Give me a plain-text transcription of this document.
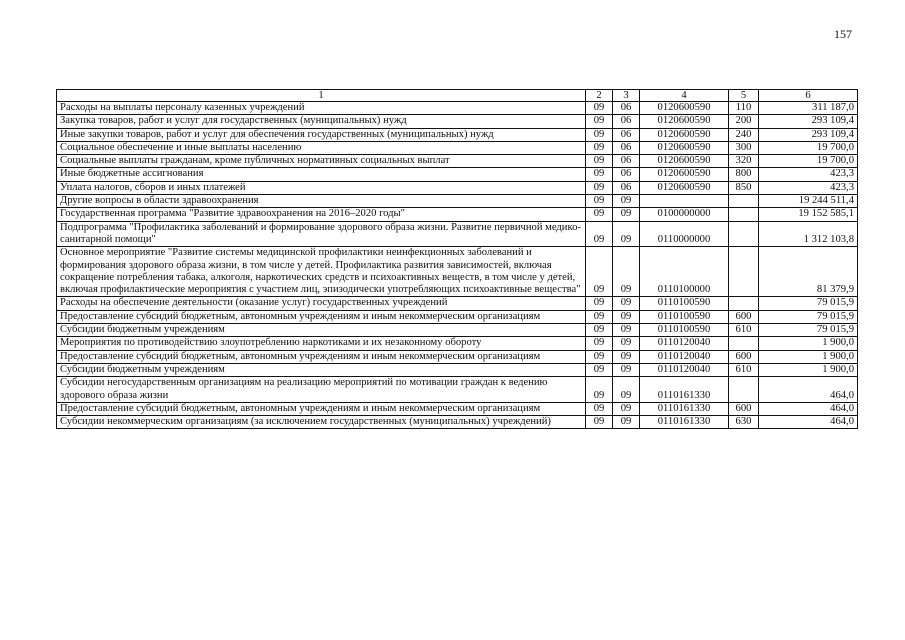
157
1	2	3	4	5	6
Расходы на выплаты персоналу казенных учреждений	09	06	0120600590	110	311 187,0
Закупка товаров, работ и услуг для государственных (муниципальных) нужд	09	06	0120600590	200	293 109,4
Иные закупки товаров, работ и услуг для обеспечения государственных (муниципальных) нужд	09	06	0120600590	240	293 109,4
Социальное обеспечение и иные выплаты населению	09	06	0120600590	300	19 700,0
Социальные выплаты гражданам, кроме публичных нормативных социальных выплат	09	06	0120600590	320	19 700,0
Иные бюджетные ассигнования	09	06	0120600590	800	423,3
Уплата налогов, сборов и иных платежей	09	06	0120600590	850	423,3
Другие вопросы в области здравоохранения	09	09			19 244 511,4
Государственная программа "Развитие здравоохранения на 2016–2020 годы"	09	09	0100000000		19 152 585,1
Подпрограмма "Профилактика заболеваний и формирование здорового образа жизни. Развитие первичной медико-санитарной помощи"	09	09	0110000000		1 312 103,8
Основное мероприятие "Развитие системы медицинской профилактики неинфекционных заболеваний и формирования здорового образа жизни, в том числе у детей. Профилактика развития зависимостей, включая сокращение потребления табака, алкоголя, наркотических средств и психоактивных веществ, в том числе у детей, включая профилактические мероприятия с участием лиц, эпизодически употребляющих психоактивные вещества"	09	09	0110100000		81 379,9
Расходы на обеспечение деятельности (оказание услуг) государственных учреждений	09	09	0110100590		79 015,9
Предоставление субсидий бюджетным, автономным учреждениям и иным некоммерческим организациям	09	09	0110100590	600	79 015,9
Субсидии бюджетным учреждениям	09	09	0110100590	610	79 015,9
Мероприятия по противодействию злоупотреблению наркотиками и их незаконному обороту	09	09	0110120040		1 900,0
Предоставление субсидий бюджетным, автономным учреждениям и иным некоммерческим организациям	09	09	0110120040	600	1 900,0
Субсидии бюджетным учреждениям	09	09	0110120040	610	1 900,0
Субсидии негосударственным организациям на реализацию мероприятий по мотивации граждан к ведению здорового образа жизни	09	09	0110161330		464,0
Предоставление субсидий бюджетным, автономным учреждениям и иным некоммерческим организациям	09	09	0110161330	600	464,0
Субсидии некоммерческим организациям (за исключением государственных (муниципальных) учреждений)	09	09	0110161330	630	464,0
